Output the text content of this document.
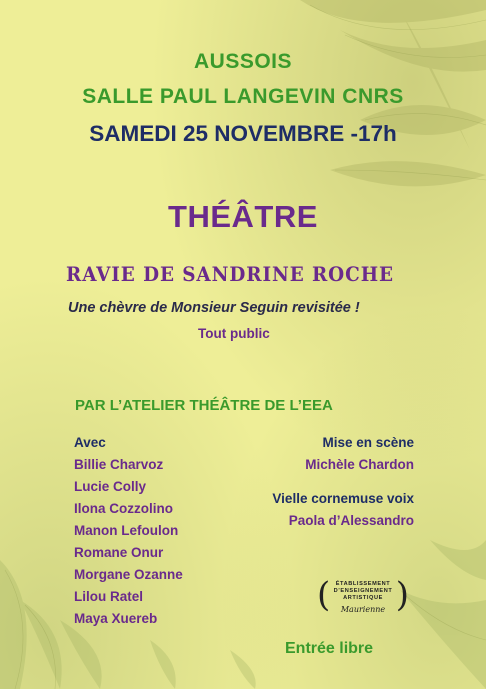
AUSSOIS
SALLE PAUL LANGEVIN CNRS
SAMEDI 25 NOVEMBRE -17h
THÉÂTRE
RAVIE DE SANDRINE ROCHE
Une chèvre de Monsieur Seguin revisitée !
Tout public
PAR L’ATELIER THÉÂTRE DE L’EEA
Avec
Billie Charvoz
Lucie Colly
Ilona Cozzolino
Manon Lefoulon
Romane Onur
Morgane Ozanne
Lilou Ratel
Maya Xuereb
Mise en scène
Michèle Chardon
Vielle cornemuse voix
Paola d’Alessandro
( )
ÉTABLISSEMENT
D’ENSEIGNEMENT
ARTISTIQUE
Maurienne
Entrée libre
